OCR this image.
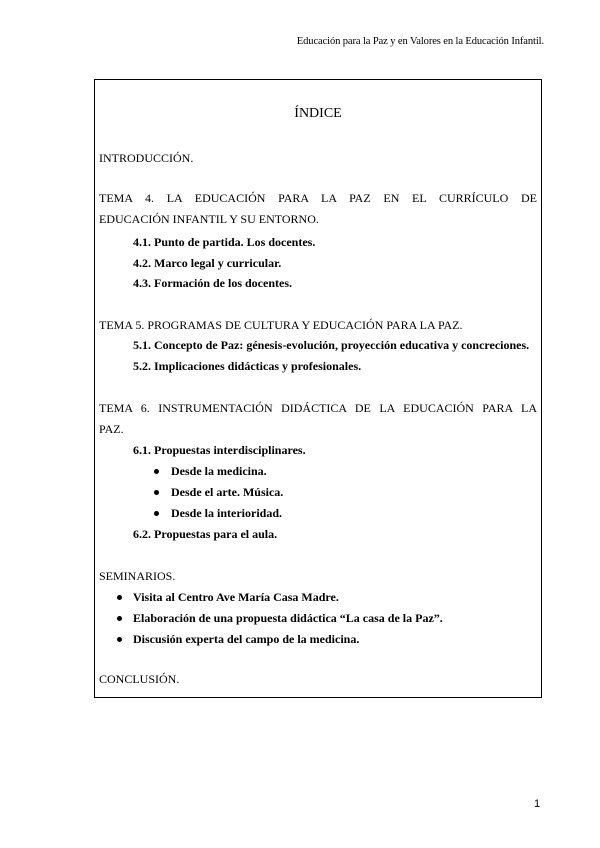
Educación para la Paz y en Valores en la Educación Infantil.
ÍNDICE
INTRODUCCIÓN.
TEMA 4. LA EDUCACIÓN PARA LA PAZ EN EL CURRÍCULO DE
EDUCACIÓN INFANTIL Y SU ENTORNO.
4.1. Punto de partida. Los docentes.
4.2. Marco legal y curricular.
4.3. Formación de los docentes.
TEMA 5. PROGRAMAS DE CULTURA Y EDUCACIÓN PARA LA PAZ.
5.1. Concepto de Paz: génesis-evolución, proyección educativa y concreciones.
5.2. Implicaciones didácticas y profesionales.
TEMA 6. INSTRUMENTACIÓN DIDÁCTICA DE LA EDUCACIÓN PARA LA
PAZ.
6.1. Propuestas interdisciplinares.
Desde la medicina.
Desde el arte. Música.
Desde la interioridad.
6.2. Propuestas para el aula.
SEMINARIOS.
Visita al Centro Ave María Casa Madre.
Elaboración de una propuesta didáctica “La casa de la Paz”.
Discusión experta del campo de la medicina.
CONCLUSIÓN.
1
